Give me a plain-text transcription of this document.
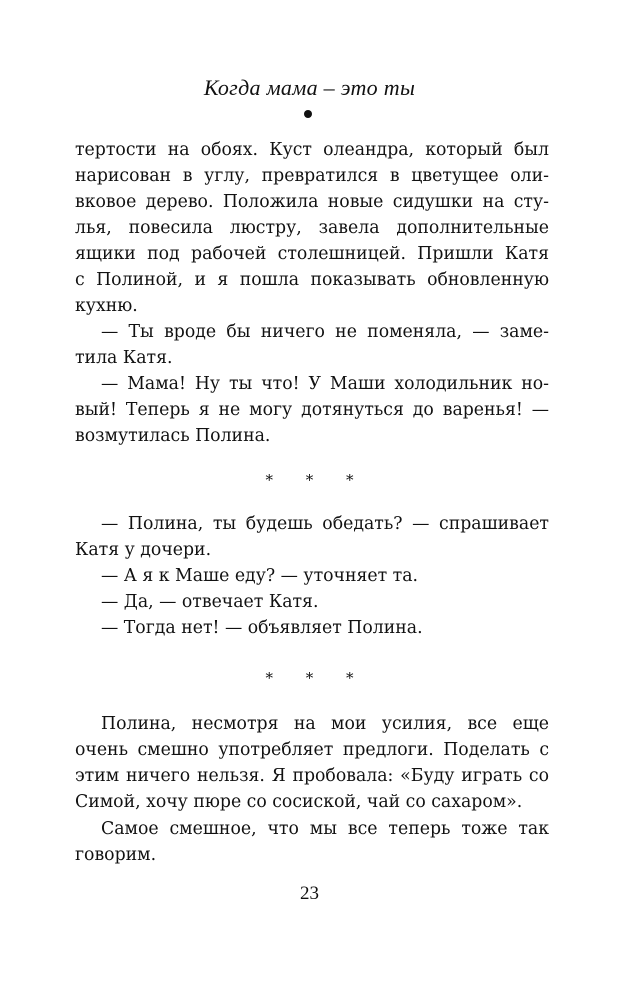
Когда мама – это ты
тертости на обоях. Куст олеандра, который был
нарисован в углу, превратился в цветущее оли-
вковое дерево. Положила новые сидушки на сту-
лья, повесила люстру, завела дополнительные
ящики под рабочей столешницей. Пришли Катя
с Полиной, и я пошла показывать обновленную
кухню.
— Ты вроде бы ничего не поменяла, — заме-
тила Катя.
— Мама! Ну ты что! У Маши холодильник но-
вый! Теперь я не могу дотянуться до варенья! —
возмутилась Полина.
* * *
— Полина, ты будешь обедать? — спрашивает
Катя у дочери.
— А я к Маше еду? — уточняет та.
— Да, — отвечает Катя.
— Тогда нет! — объявляет Полина.
* * *
Полина, несмотря на мои усилия, все еще
очень смешно употребляет предлоги. Поделать с
этим ничего нельзя. Я пробовала: «Буду играть со
Симой, хочу пюре со сосиской, чай со сахаром».
Самое смешное, что мы все теперь тоже так
говорим.
23
